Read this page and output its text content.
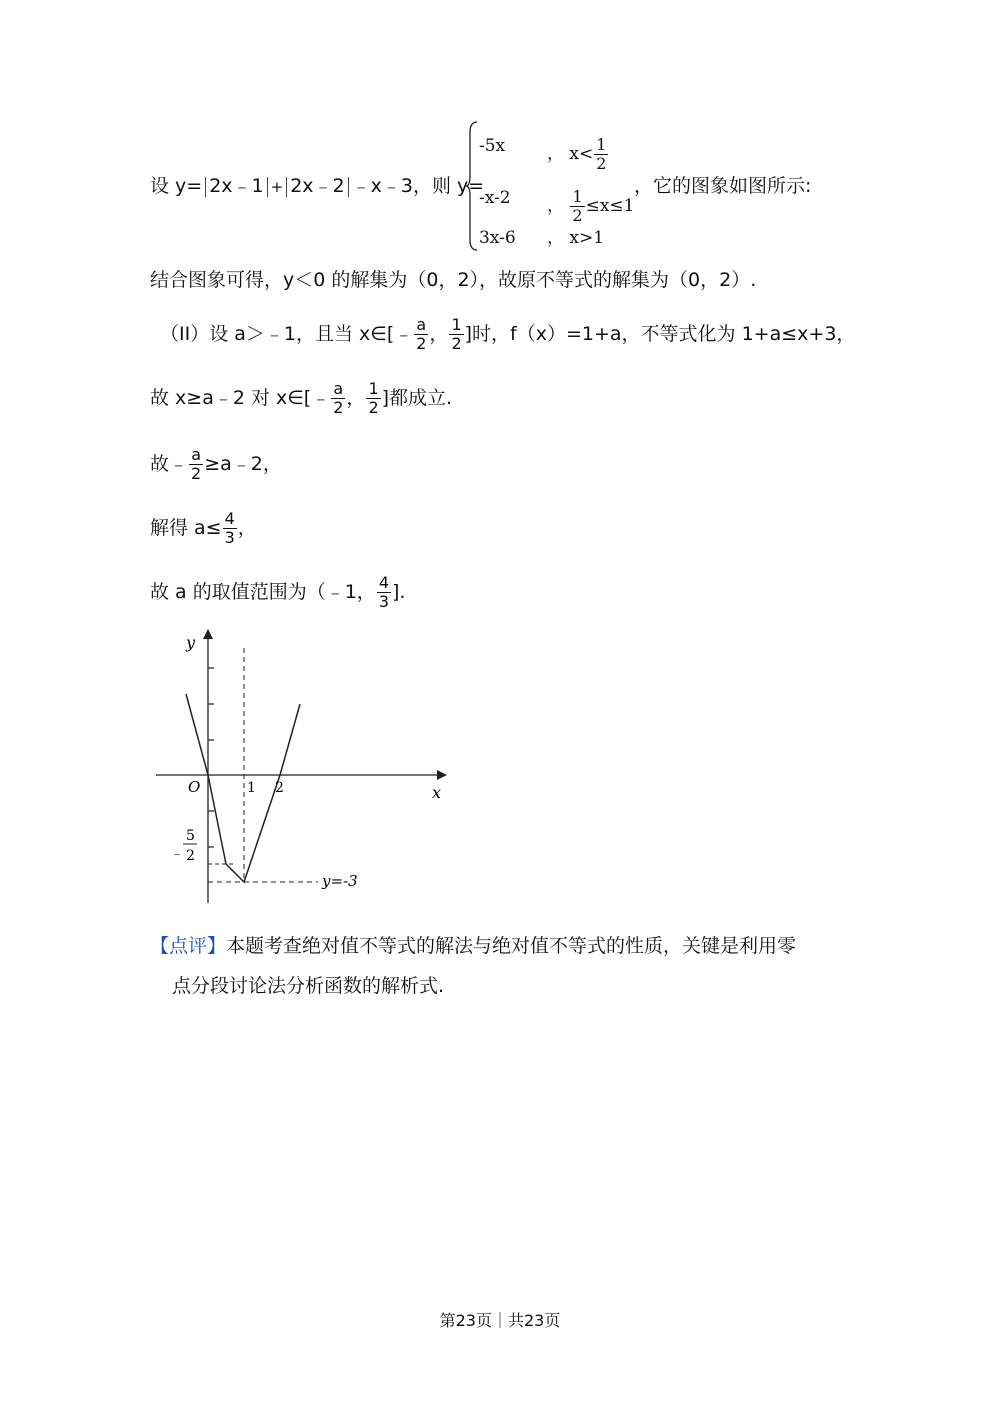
设 y= 2x﹣1 + 2x﹣2 ﹣x﹣3，则 y=
-5x ， $x< \frac{1}{2}$
-x-2 ， $\frac{1}{2} \le x\le 1$
3x-6 ， x>1
，它的图象如图所示:
结合图象可得，y＜0 的解集为（0，2），故原不等式的解集为（0，2）.
（II）设 a＞﹣1，且当 x∈[﹣ $\frac{a}{2}$ ， $\frac{1}{2}$ ]时，f（x）=1+a，不等式化为 1+a≤x+3，
故 x≥a﹣2 对 x∈[﹣ $\frac{a}{2}$ ， $\frac{1}{2}$ ]都成立.
故﹣ $\frac{a}{2}$ ≥a﹣2，
解得 $a\le \frac{4}{3}$ ，
故 a 的取值范围为（﹣1， $\frac{4}{3}$ ].
y
x
O	1 2
﹣
5
2
y=-3
【点评】本题考查绝对值不等式的解法与绝对值不等式的性质，关键是利用零
点分段讨论法分析函数的解析式.
第23页｜共23页
